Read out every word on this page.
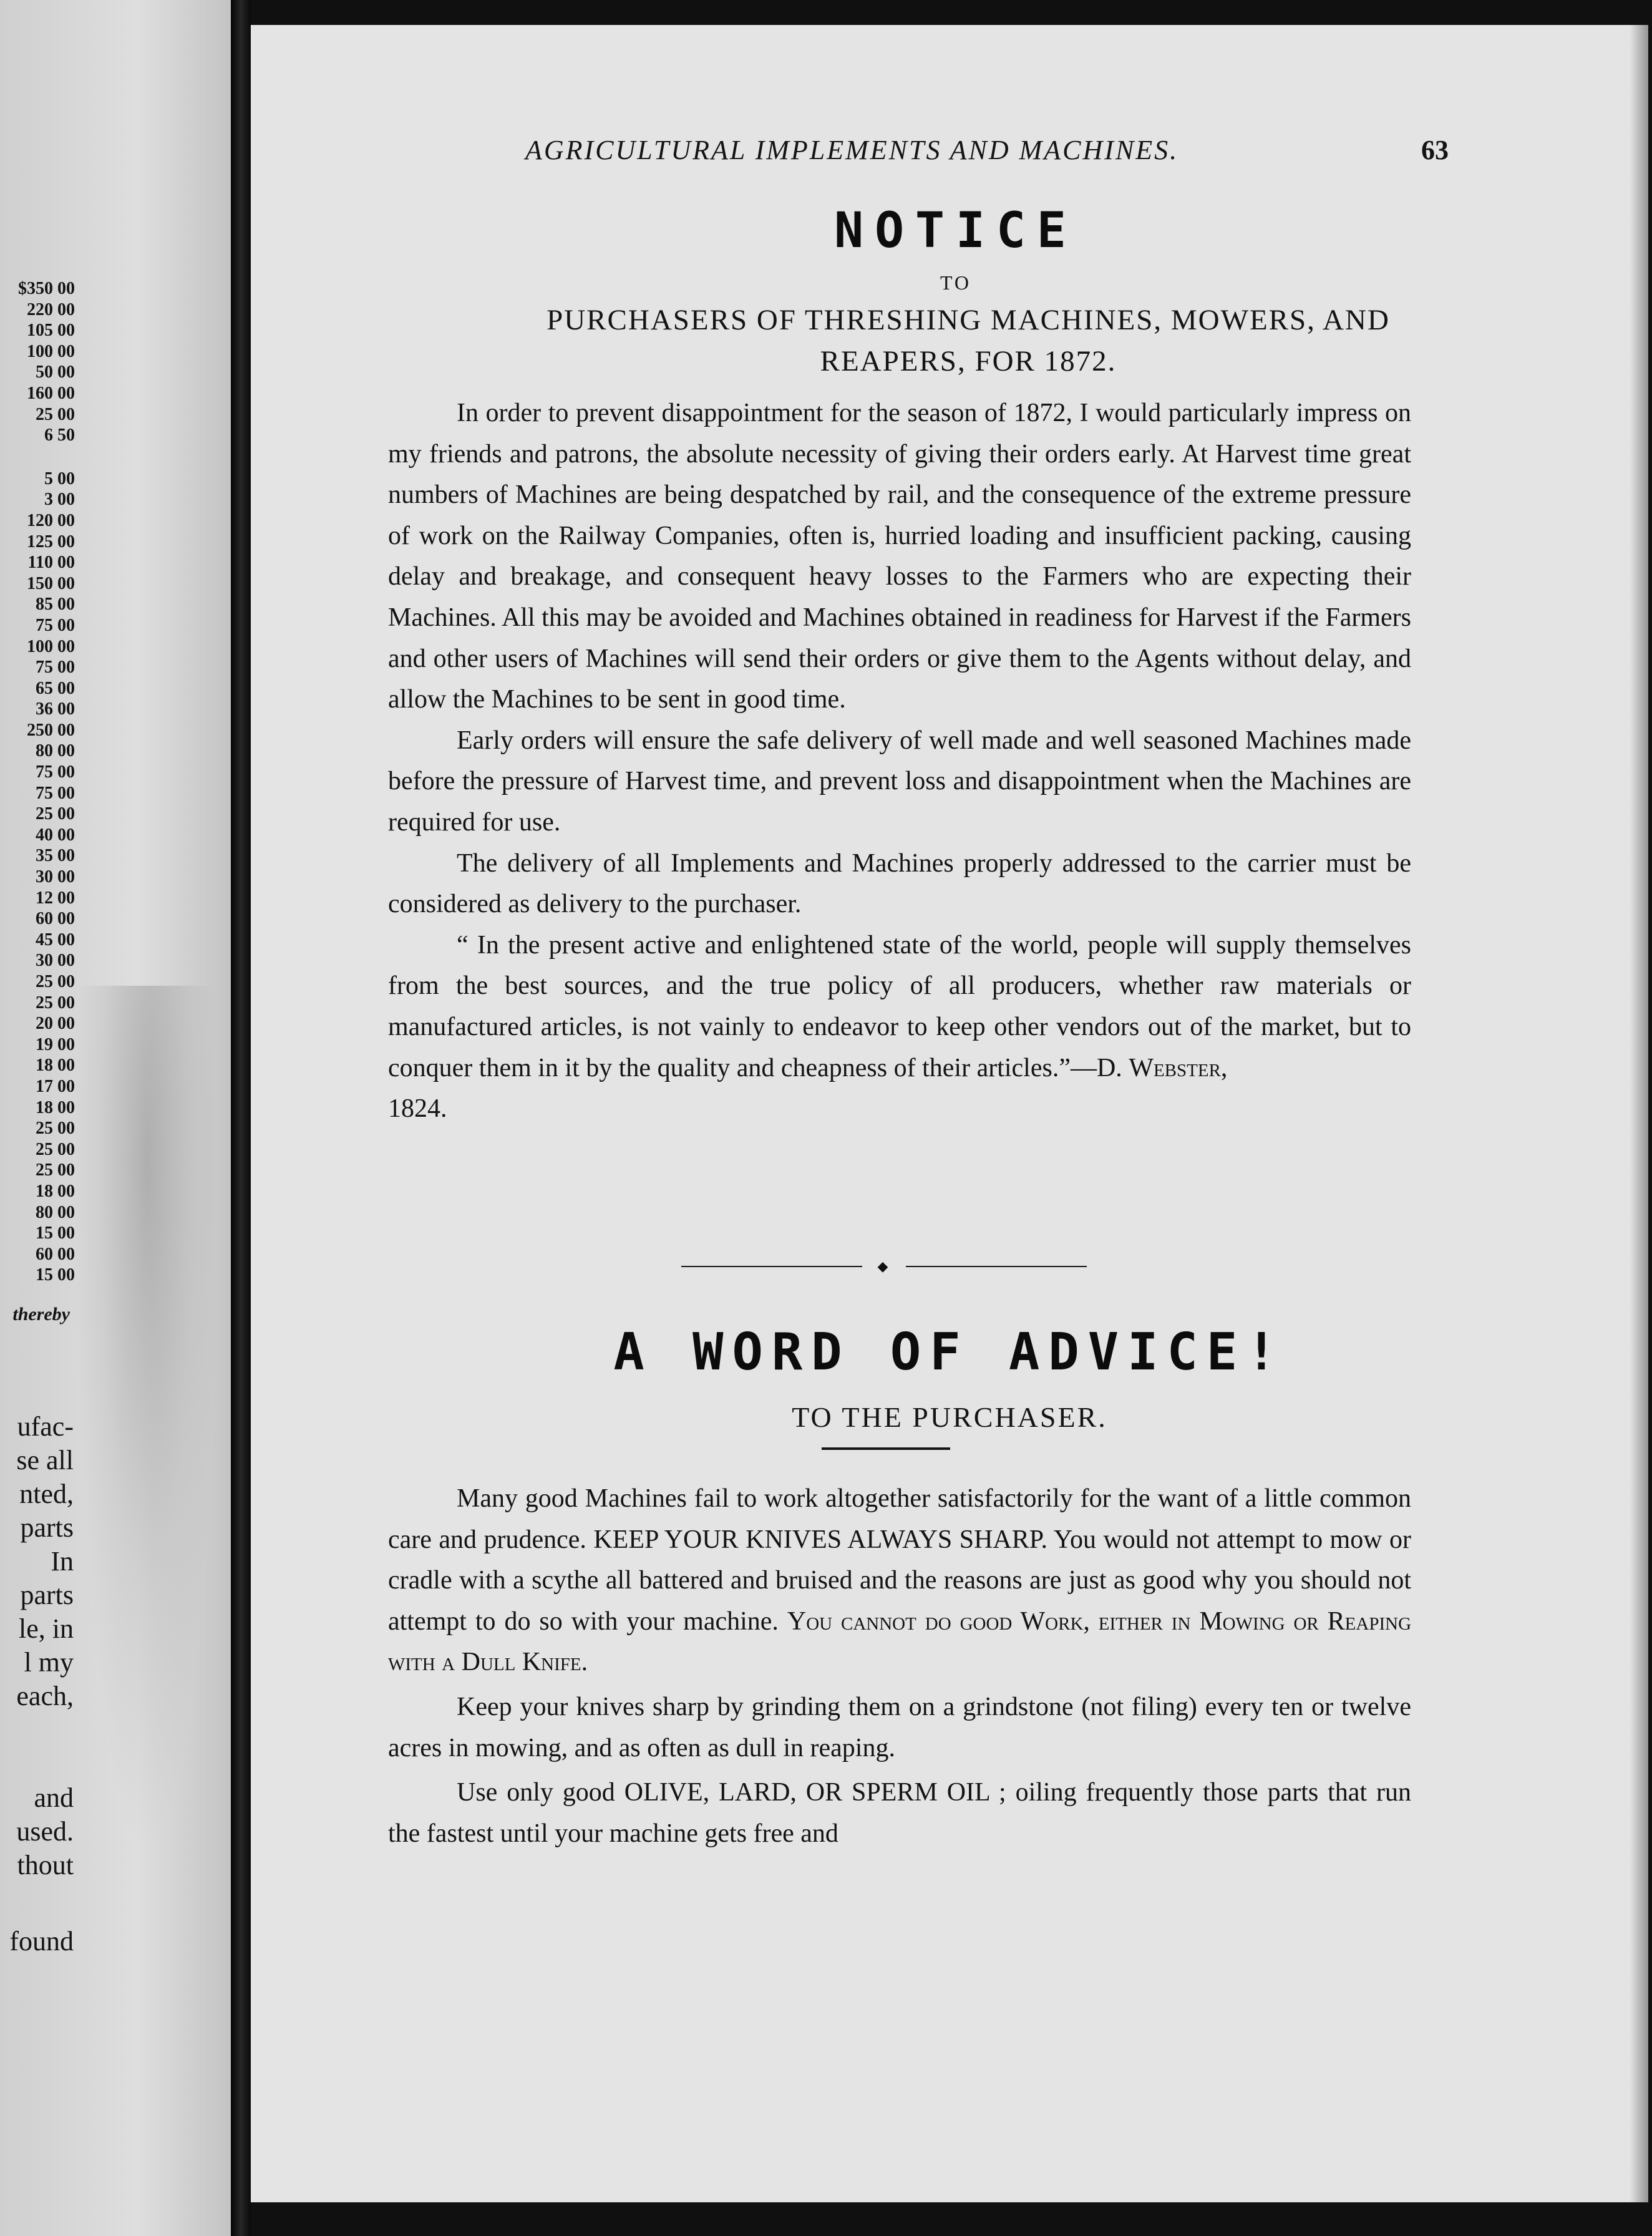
$350 00
220 00
105 00
100 00
50 00
160 00
25 00
6 50
5 00
3 00
120 00
125 00
110 00
150 00
85 00
75 00
100 00
75 00
65 00
36 00
250 00
80 00
75 00
75 00
25 00
40 00
35 00
30 00
12 00
60 00
45 00
30 00
25 00
25 00
20 00
19 00
18 00
17 00
18 00
25 00
25 00
25 00
18 00
80 00
15 00
60 00
15 00
thereby
ufac-
se all
nted,
parts
In
parts
le, in
l my
each,
and
used.
thout
found
AGRICULTURAL IMPLEMENTS AND MACHINES.	63
NOTICE
TO
PURCHASERS OF THRESHING MACHINES, MOWERS, AND
REAPERS, FOR 1872.

In order to prevent disappointment for the season of 1872, I would particularly impress on my friends and patrons, the absolute necessity of giving their orders early. At Harvest time great numbers of Machines are being despatched by rail, and the consequence of the extreme pressure of work on the Railway Companies, often is, hurried loading and insufficient packing, causing delay and breakage, and consequent heavy losses to the Farmers who are expecting their Machines. All this may be avoided and Machines obtained in readiness for Harvest if the Farmers and other users of Machines will send their orders or give them to the Agents without delay, and allow the Machines to be sent in good time.

Early orders will ensure the safe delivery of well made and well seasoned Machines made before the pressure of Harvest time, and prevent loss and disappointment when the Machines are required for use.

The delivery of all Implements and Machines properly addressed to the carrier must be considered as delivery to the purchaser.

“ In the present active and enlightened state of the world, people will supply themselves from the best sources, and the true policy of all producers, whether raw materials or manufactured articles, is not vainly to endeavor to keep other vendors out of the market, but to conquer them in it by the quality and cheapness of their articles.”—D. Webster,

1824.

◆
A WORD OF ADVICE!
TO THE PURCHASER.

Many good Machines fail to work altogether satisfactorily for the want of a little common care and prudence. KEEP YOUR KNIVES ALWAYS SHARP. You would not attempt to mow or cradle with a scythe all battered and bruised and the reasons are just as good why you should not attempt to do so with your machine. You cannot do good Work, either in Mowing or Reaping with a Dull Knife.

Keep your knives sharp by grinding them on a grindstone (not filing) every ten or twelve acres in mowing, and as often as dull in reaping.

Use only good OLIVE, LARD, OR SPERM OIL ; oiling frequently those parts that run the fastest until your machine gets free and
